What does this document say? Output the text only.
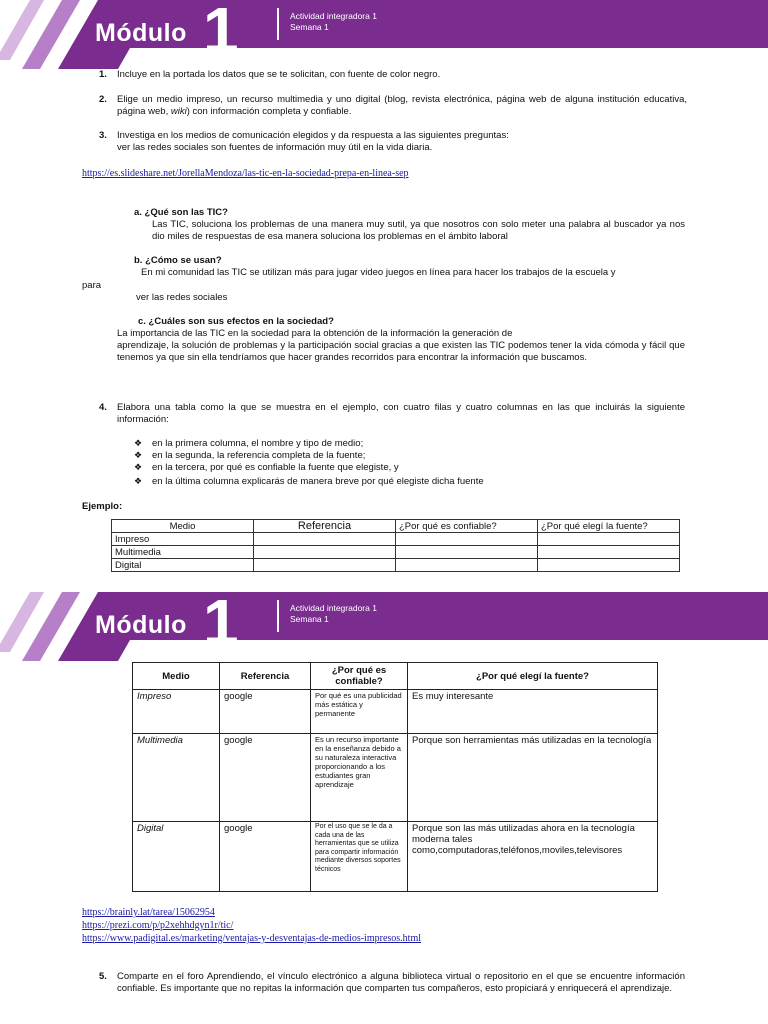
Módulo 1	Actividad integradora 1
Semana 1
1. Incluye en la portada los datos que se te solicitan, con fuente de color negro.
2. Elige un medio impreso, un recurso multimedia y uno digital (blog, revista electrónica, página web de alguna institución educativa, página web, wiki) con información completa y confiable.
3. Investiga en los medios de comunicación elegidos y da respuesta a las siguientes preguntas:
ver las redes sociales son fuentes de información muy útil en la vida diaria.
https://es.slideshare.net/JorellaMendoza/las-tic-en-la-sociedad-prepa-en-linea-sep
a. ¿Qué son las TIC?
Las TIC, soluciona los problemas de una manera muy sutil, ya que nosotros con solo meter una palabra al buscador ya nos dio miles de respuestas de esa manera soluciona los problemas en el ámbito laboral
b. ¿Cómo se usan?
En mi comunidad las TIC se utilizan más para jugar video juegos en línea para hacer los trabajos de la escuela y
para
ver las redes sociales
c. ¿Cuáles son sus efectos en la sociedad?
La importancia de las TIC en la sociedad para la obtención de la información la generación de
aprendizaje, la solución de problemas y la participación social gracias a que existen las TIC podemos tener la vida cómoda y fácil que tenemos ya que sin ella tendríamos que hacer grandes recorridos para encontrar la información que buscamos.
4. Elabora una tabla como la que se muestra en el ejemplo, con cuatro filas y cuatro columnas en las que incluirás la siguiente información:
❖ en la primera columna, el nombre y tipo de medio;
❖ en la segunda, la referencia completa de la fuente;
❖ en la tercera, por qué es confiable la fuente que elegiste, y
❖ en la última columna explicarás de manera breve por qué elegiste dicha fuente
Ejemplo:
Medio	Referencia	¿Por qué es confiable?	¿Por qué elegí la fuente?
Impreso			
Multimedia			
Digital			
Módulo 1	Actividad integradora 1
Semana 1
Medio	Referencia	¿Por qué es confiable?	¿Por qué elegí la fuente?
Impreso	google	Por qué es una publicidad más estática y permanente	Es muy interesante
Multimedia	google	Es un recurso importante en la enseñanza debido a su naturaleza interactiva proporcionando a los estudiantes gran aprendizaje	Porque son herramientas más utilizadas en la tecnología
Digital	google	Por el uso que se le da a cada una de las herramientas que se utiliza para compartir información mediante diversos soportes técnicos	Porque son las más utilizadas ahora en la tecnología moderna tales como,computadoras,teléfonos,moviles,televisores
https://brainly.lat/tarea/15062954
https://prezi.com/p/p2xehhdgyn1r/tic/
https://www.padigital.es/marketing/ventajas-y-desventajas-de-medios-impresos.html
5. Comparte en el foro Aprendiendo, el vínculo electrónico a alguna biblioteca virtual o repositorio en el que se encuentre información confiable. Es importante que no repitas la información que comparten tus compañeros, esto propiciará y enriquecerá el aprendizaje.
